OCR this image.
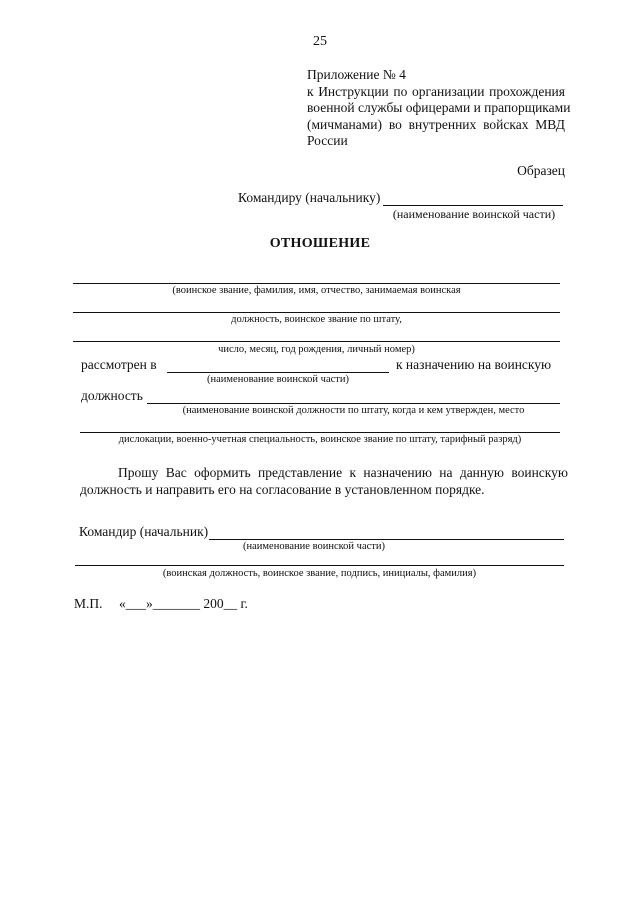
25
Приложение № 4
к Инструкции по организации прохождения
военной службы офицерами и прапорщиками
(мичманами) во внутренних войсках МВД
России
Образец
Командиру (начальнику)
(наименование воинской части)
ОТНОШЕНИЕ
(воинское звание, фамилия, имя, отчество, занимаемая воинская
должность, воинское звание по штату,
число, месяц, год рождения, личный номер)
рассмотрен в	к назначению на воинскую
(наименование воинской части)
должность
(наименование воинской должности по штату, когда и кем утвержден, место
дислокации, военно-учетная специальность, воинское звание по штату, тарифный разряд)
Прошу Вас оформить представление к назначению на данную воинскую
должность и направить его на согласование в установленном порядке.
Командир (начальник)
(наименование воинской части)
(воинская должность, воинское звание, подпись, инициалы, фамилия)
М.П. «___»_______ 200__ г.
